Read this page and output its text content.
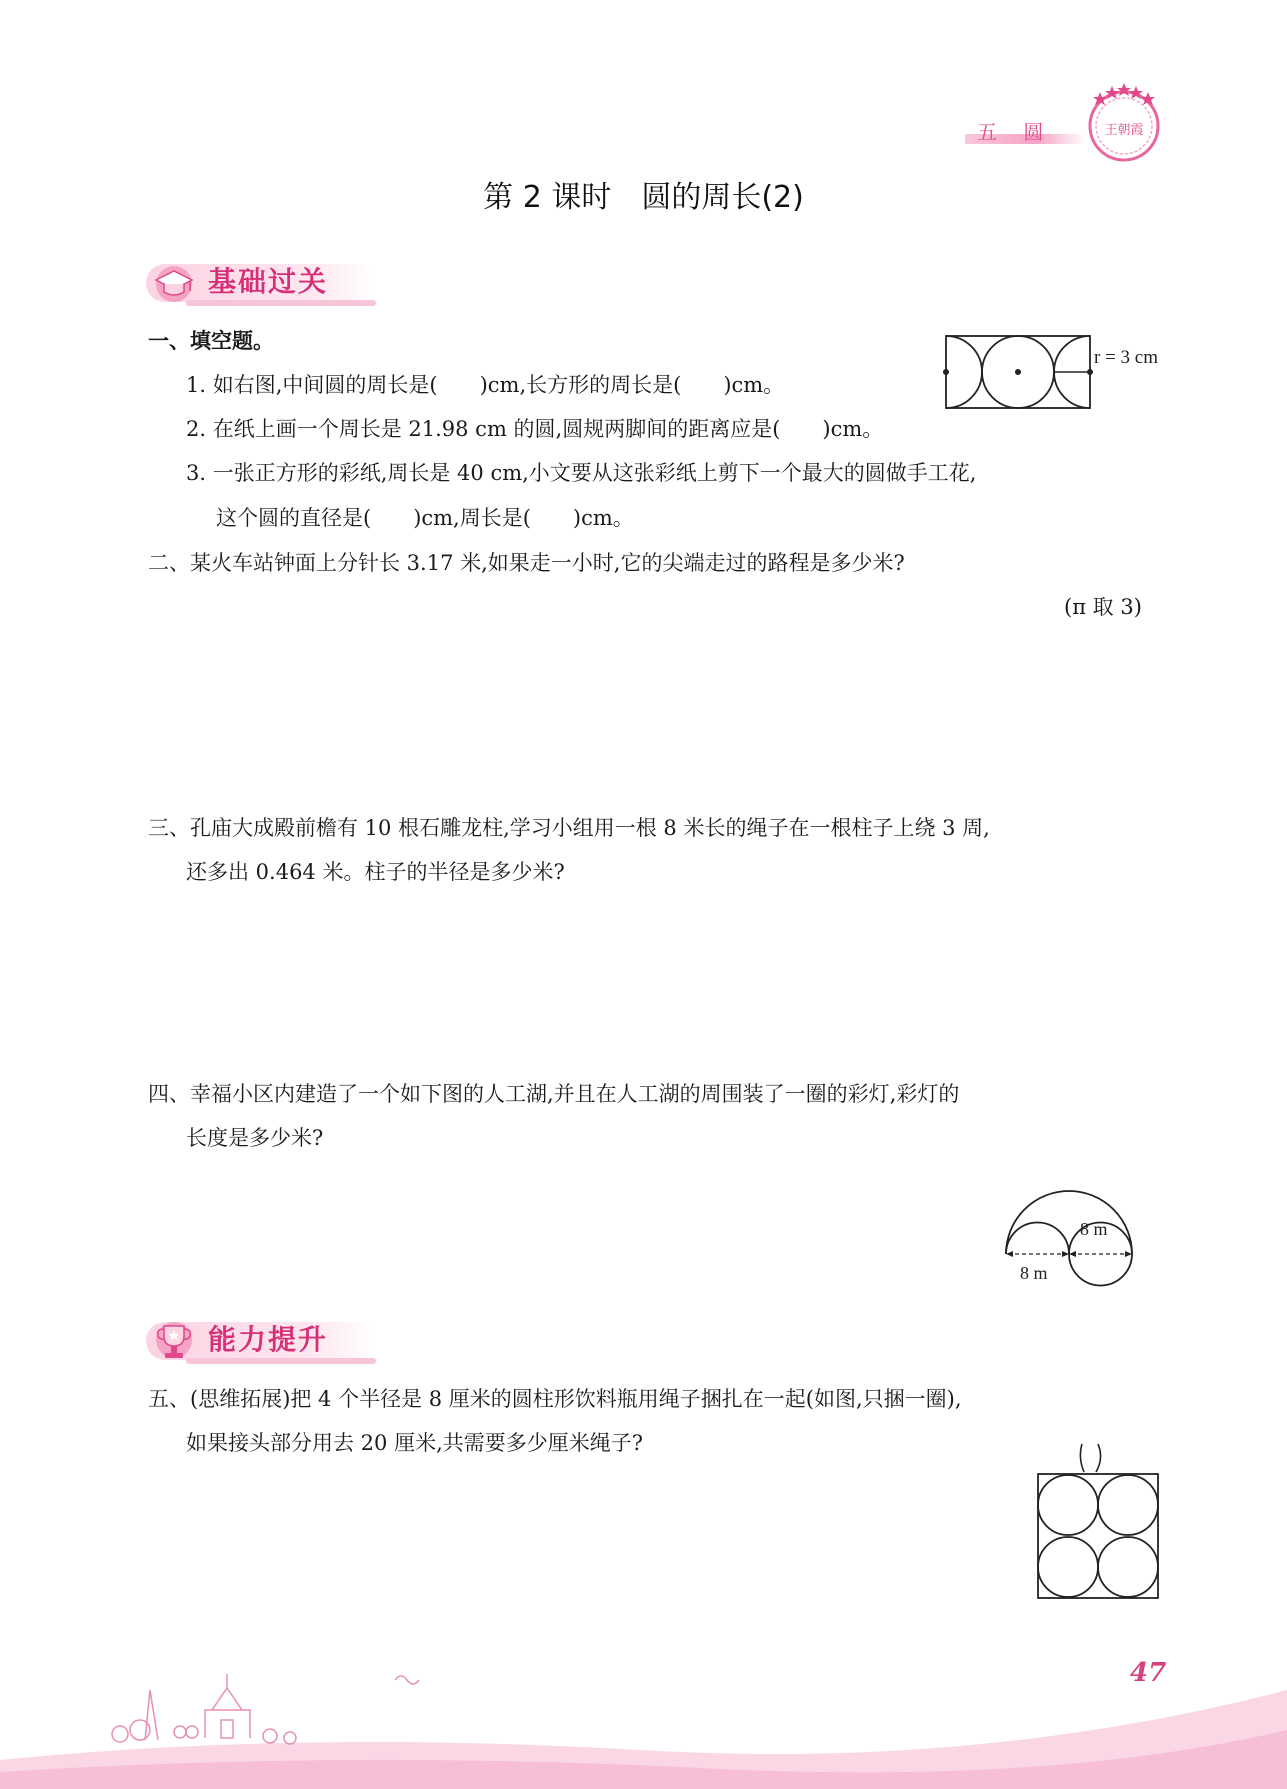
五 圆	王朝霞
第 2 课时　圆的周长(2)
基础过关
一、填空题。
1. 如右图,中间圆的周长是(　　)cm,长方形的周长是(　　)cm。
2. 在纸上画一个周长是 21.98 cm 的圆,圆规两脚间的距离应是(　　)cm。
3. 一张正方形的彩纸,周长是 40 cm,小文要从这张彩纸上剪下一个最大的圆做手工花,
这个圆的直径是(　　)cm,周长是(　　)cm。
r = 3 cm
二、某火车站钟面上分针长 3.17 米,如果走一小时,它的尖端走过的路程是多少米?
(π 取 3)
三、孔庙大成殿前檐有 10 根石雕龙柱,学习小组用一根 8 米长的绳子在一根柱子上绕 3 周,
还多出 0.464 米。柱子的半径是多少米?
四、幸福小区内建造了一个如下图的人工湖,并且在人工湖的周围装了一圈的彩灯,彩灯的
长度是多少米?
8 m
8 m
能力提升
五、(思维拓展)把 4 个半径是 8 厘米的圆柱形饮料瓶用绳子捆扎在一起(如图,只捆一圈),
如果接头部分用去 20 厘米,共需要多少厘米绳子?
47
